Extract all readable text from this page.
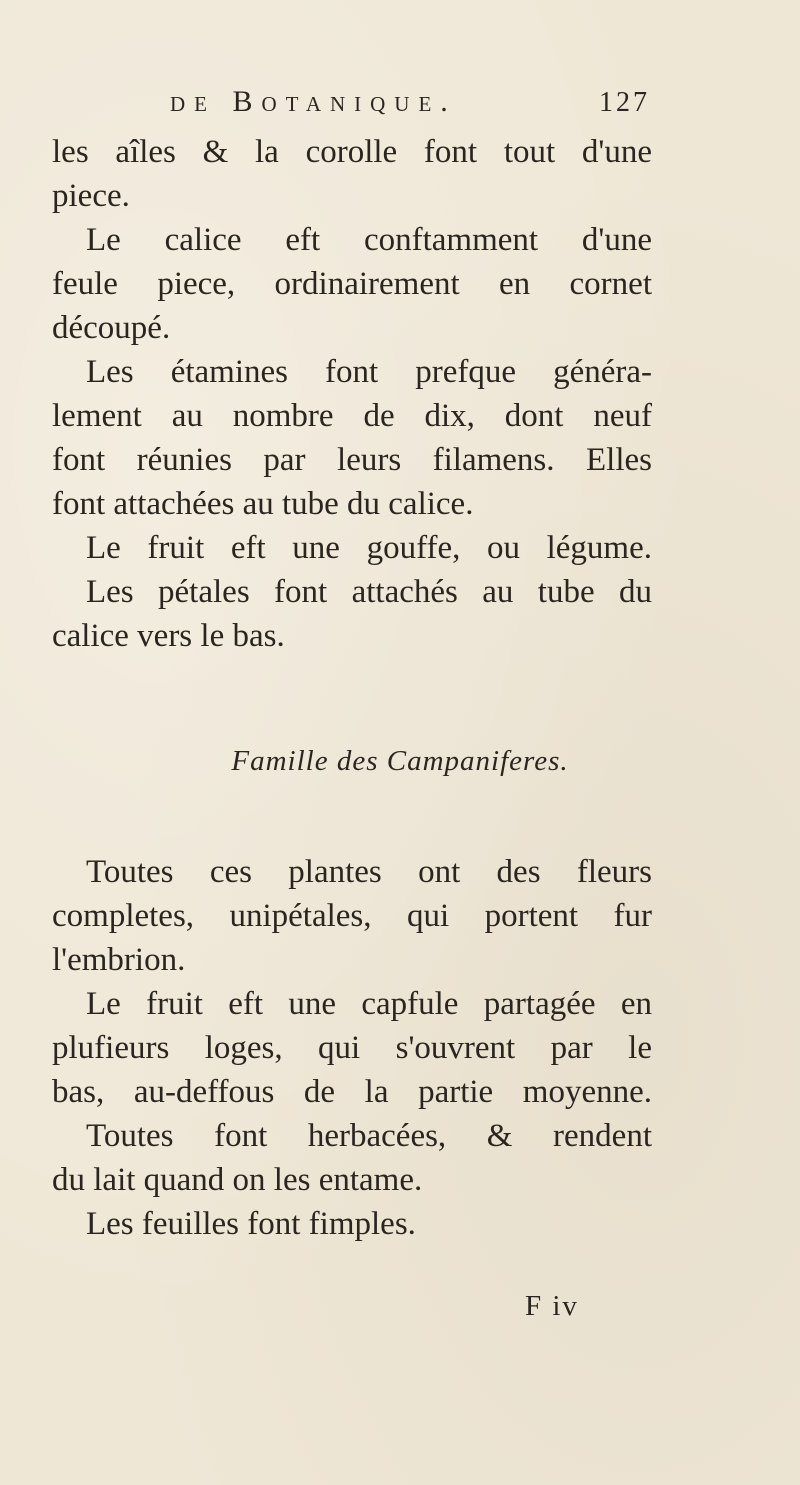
de Botanique.	127
les aîles & la corolle font tout d'une
piece.
Le calice eft conftamment d'une
feule piece, ordinairement en cornet
découpé.
Les étamines font prefque généra-
lement au nombre de dix, dont neuf
font réunies par leurs filamens. Elles
font attachées au tube du calice.
Le fruit eft une gouffe, ou légume.
Les pétales font attachés au tube du
calice vers le bas.
Famille des Campaniferes.
Toutes ces plantes ont des fleurs
completes, unipétales, qui portent fur
l'embrion.
Le fruit eft une capfule partagée en
plufieurs loges, qui s'ouvrent par le
bas, au-deffous de la partie moyenne.
Toutes font herbacées, & rendent
du lait quand on les entame.
Les feuilles font fimples.
F iv
